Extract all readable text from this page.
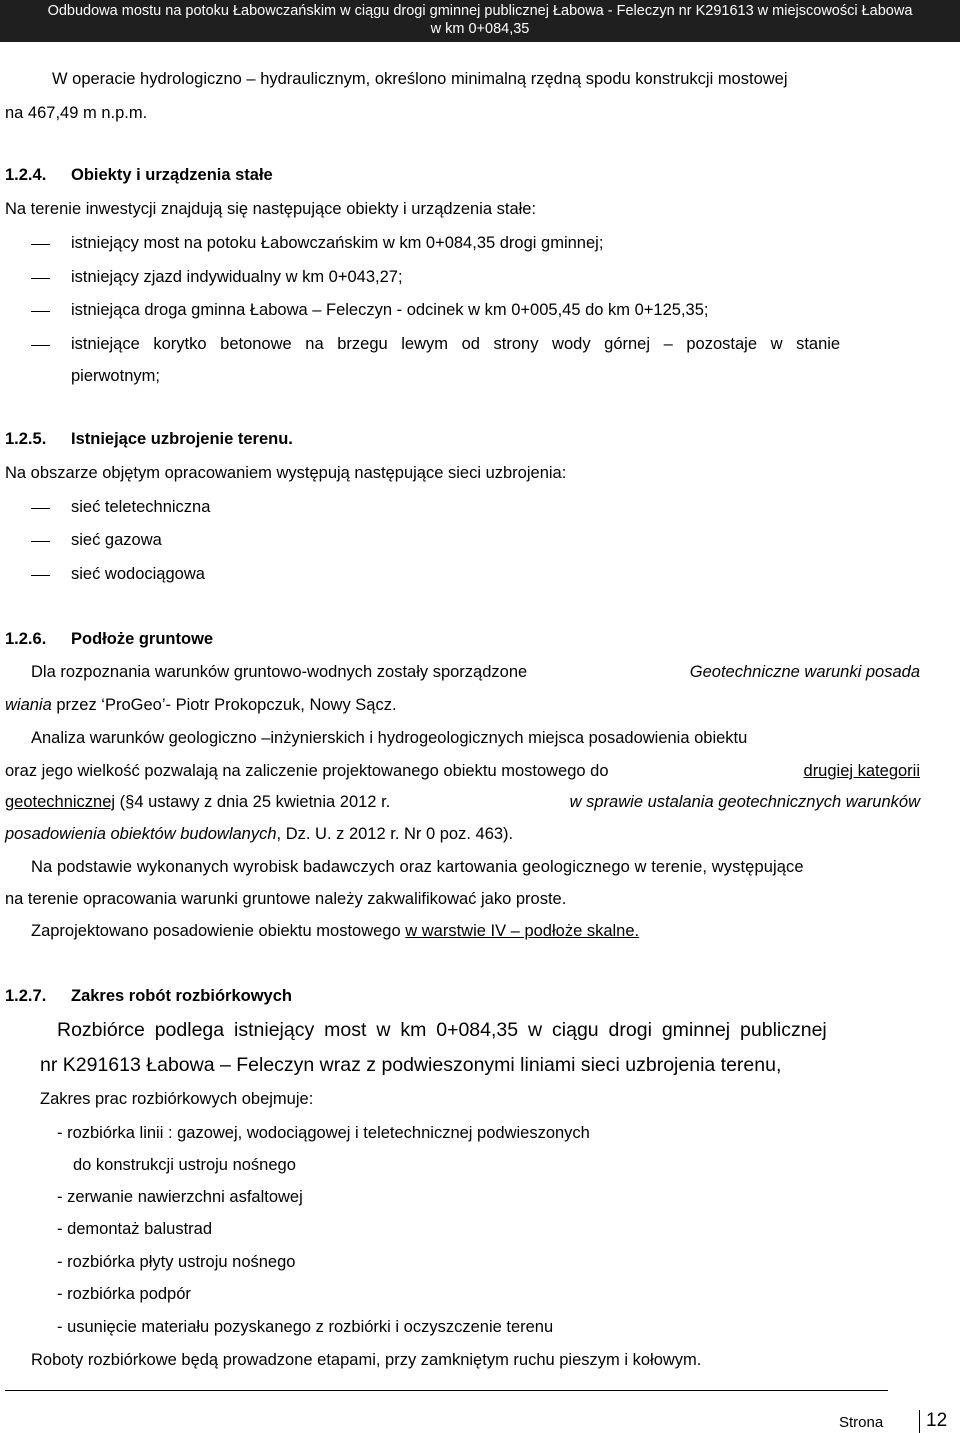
Odbudowa mostu na potoku Łabowczańskim w ciągu drogi gminnej publicznej Łabowa - Feleczyn nr K291613 w miejscowości Łabowa
w km 0+084,35
W operacie hydrologiczno – hydraulicznym, określono minimalną rzędną spodu konstrukcji mostowej
na 467,49 m n.p.m.
1.2.4. Obiekty i urządzenia stałe
Na terenie inwestycji znajdują się następujące obiekty i urządzenia stałe:
istniejący most na potoku Łabowczańskim w km 0+084,35 drogi gminnej;
istniejący zjazd indywidualny w km 0+043,27;
istniejąca droga gminna Łabowa – Feleczyn - odcinek w km 0+005,45 do km 0+125,35;
istniejące korytko betonowe na brzegu lewym od strony wody górnej – pozostaje w stanie
pierwotnym;
1.2.5. Istniejące uzbrojenie terenu.
Na obszarze objętym opracowaniem występują następujące sieci uzbrojenia:
sieć teletechniczna
sieć gazowa
sieć wodociągowa
1.2.6. Podłoże gruntowe
Dla rozpoznania warunków gruntowo-wodnych zostały sporządzone	Geotechniczne warunki posada
wiania przez ‘ProGeo’- Piotr Prokopczuk, Nowy Sącz.
Analiza warunków geologiczno –inżynierskich i hydrogeologicznych miejsca posadowienia obiektu
oraz jego wielkość pozwalają na zaliczenie projektowanego obiektu mostowego do	drugiej kategorii
geotechnicznej (§4 ustawy z dnia 25 kwietnia 2012 r.	w sprawie ustalania geotechnicznych warunków
posadowienia obiektów budowlanych, Dz. U. z 2012 r. Nr 0 poz. 463).
Na podstawie wykonanych wyrobisk badawczych oraz kartowania geologicznego w terenie, występujące
na terenie opracowania warunki gruntowe należy zakwalifikować jako proste.
Zaprojektowano posadowienie obiektu mostowego w warstwie IV – podłoże skalne.
1.2.7. Zakres robót rozbiórkowych
Rozbiórce podlega istniejący most w km 0+084,35 w ciągu drogi gminnej publicznej
nr K291613 Łabowa – Feleczyn wraz z podwieszonymi liniami sieci uzbrojenia terenu,
Zakres prac rozbiórkowych obejmuje:
- rozbiórka linii : gazowej, wodociągowej i teletechnicznej podwieszonych
do konstrukcji ustroju nośnego
- zerwanie nawierzchni asfaltowej
- demontaż balustrad
- rozbiórka płyty ustroju nośnego
- rozbiórka podpór
- usunięcie materiału pozyskanego z rozbiórki i oczyszczenie terenu
Roboty rozbiórkowe będą prowadzone etapami, przy zamkniętym ruchu pieszym i kołowym.
Strona 12
